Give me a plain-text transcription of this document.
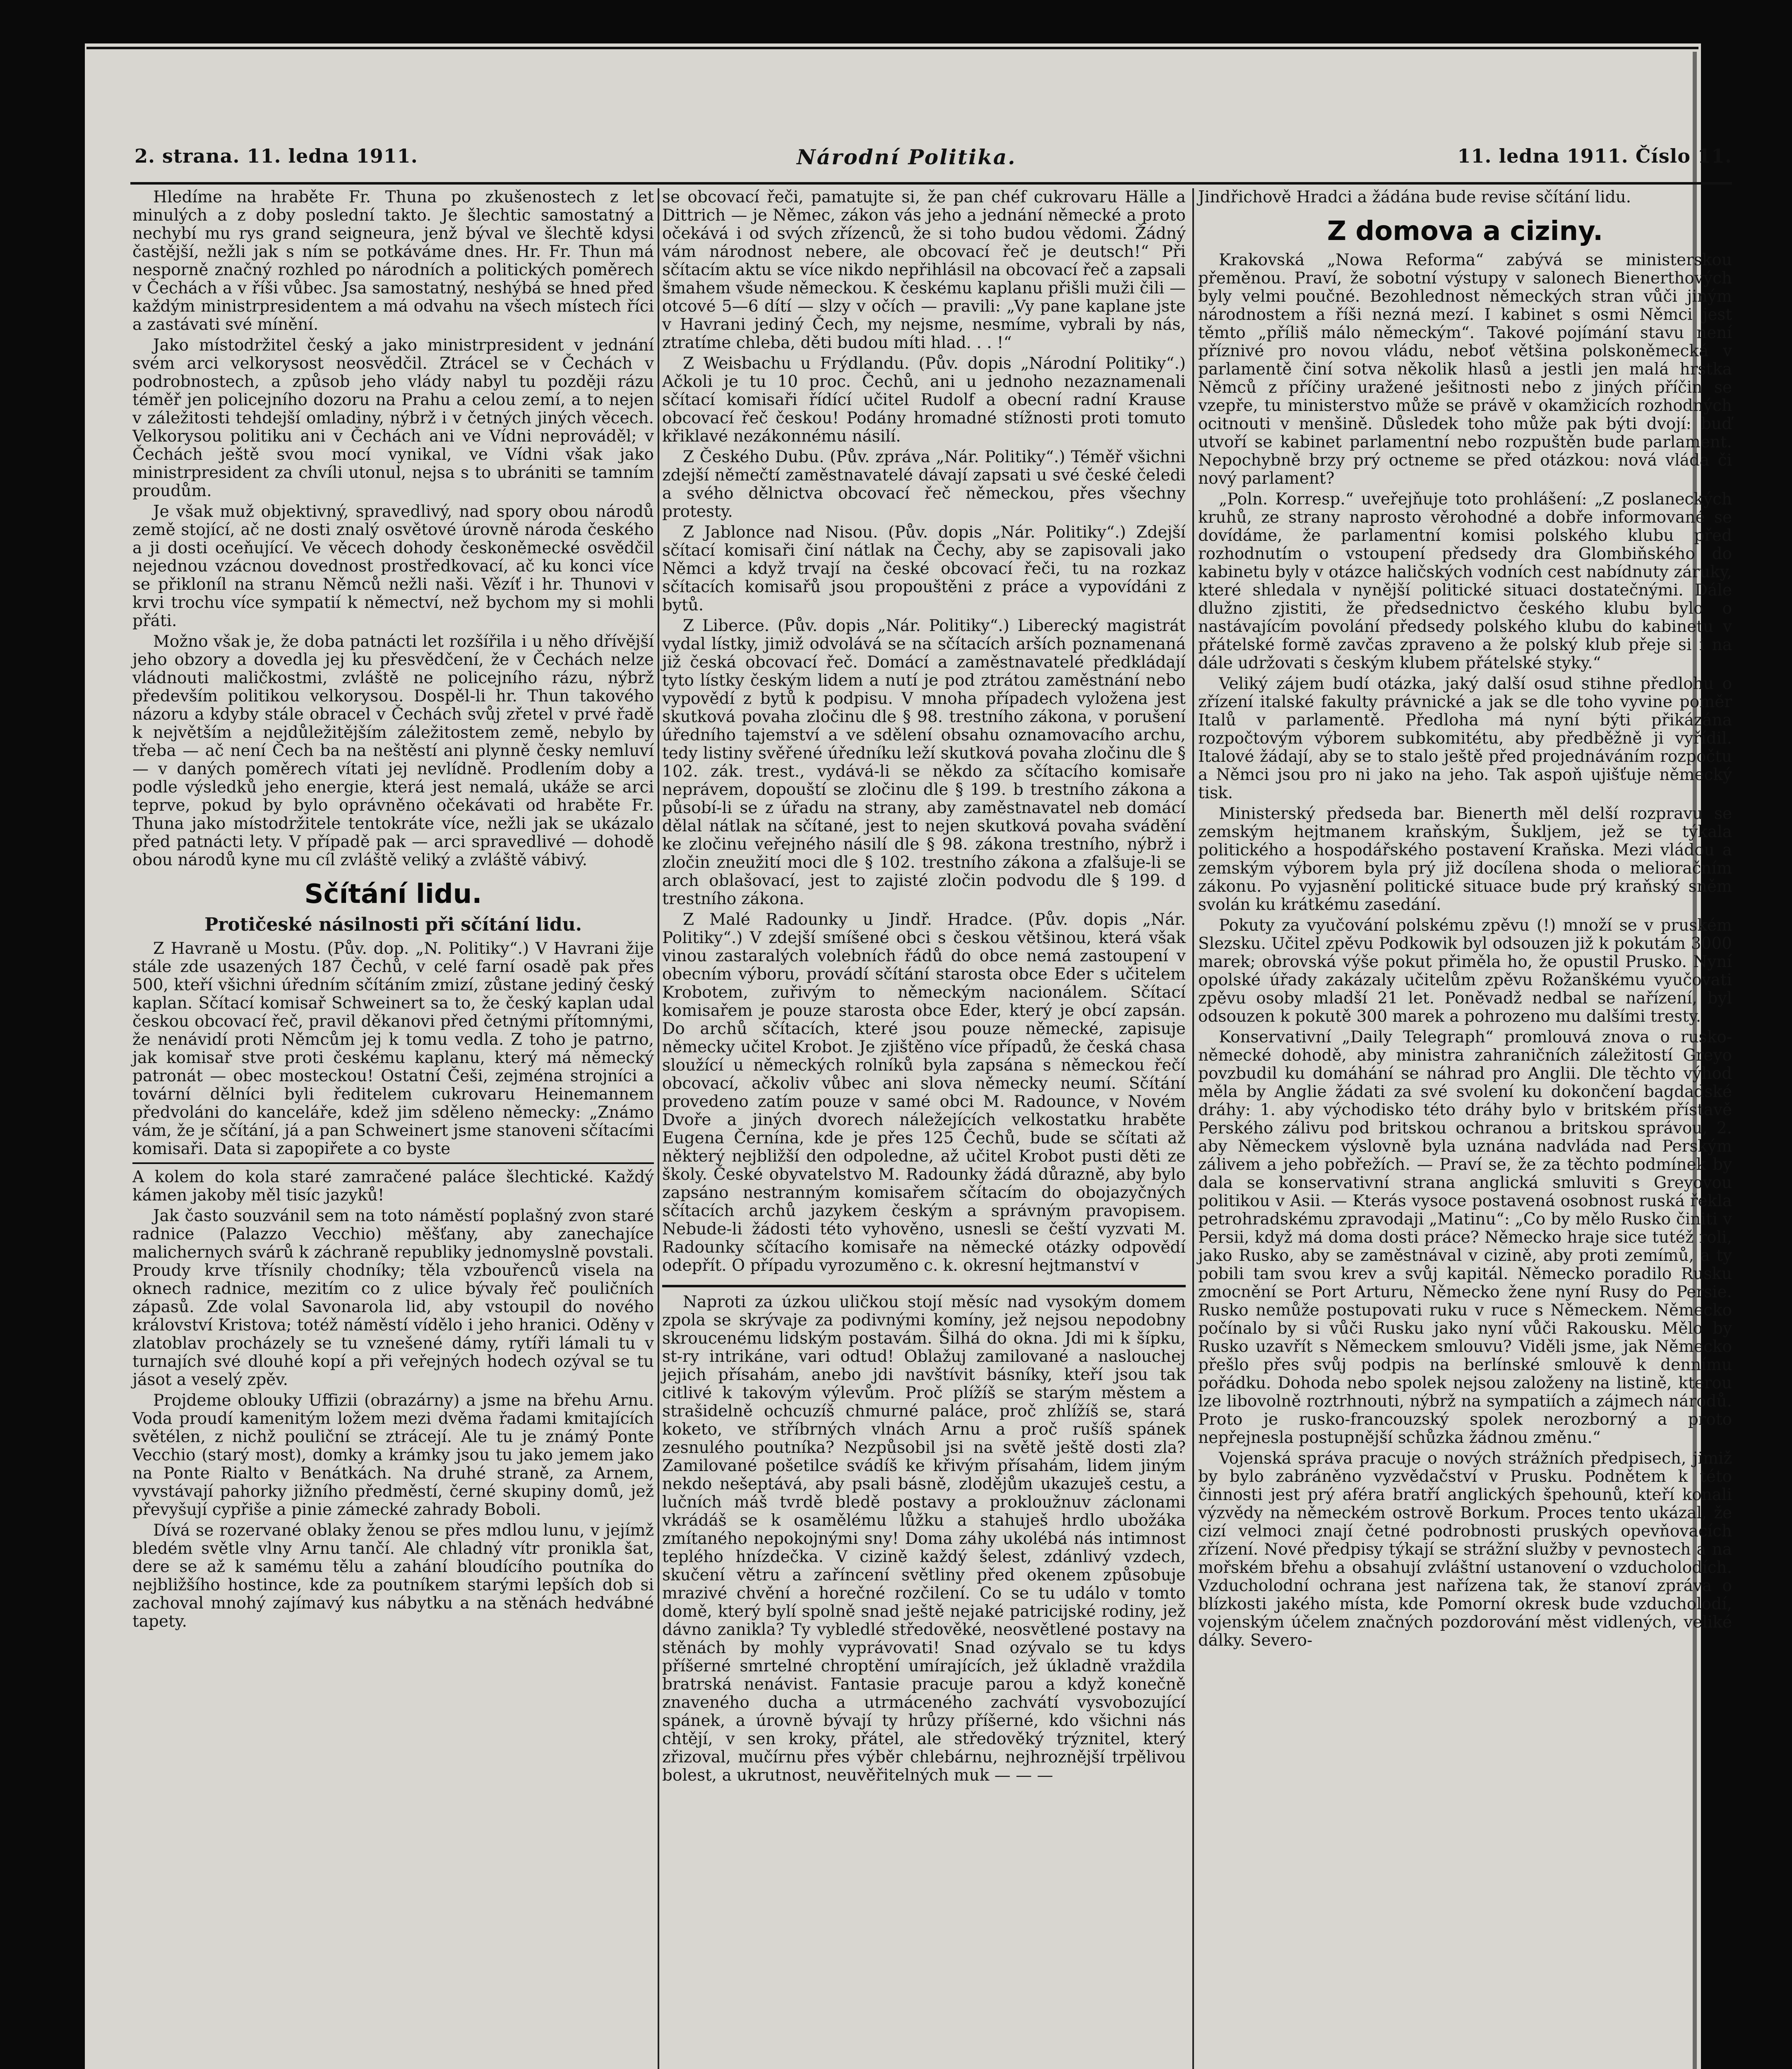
2. strana. 11. ledna 1911.	Národní Politika.	11. ledna 1911. Číslo 11.

Hledíme na hraběte Fr. Thuna po zkušenostech z let minulých a z doby poslední takto. Je šlechtic samostatný a nechybí mu rys grand seigneura, jenž býval ve šlechtě kdysi častější, nežli jak s ním se potkáváme dnes. Hr. Fr. Thun má nesporně značný rozhled po národních a politických poměrech v Čechách a v říši vůbec. Jsa samostatný, neshýbá se hned před každým ministrpresidentem a má odvahu na všech místech říci a zastávati své mínění.

Jako místodržitel český a jako ministrpresident v jednání svém arci velkorysost neosvědčil. Ztrácel se v Čechách v podrobnostech, a způsob jeho vlády nabyl tu později rázu téměř jen policejního dozoru na Prahu a celou zemí, a to nejen v záležitosti tehdejší omladiny, nýbrž i v četných jiných věcech. Velkorysou politiku ani v Čechách ani ve Vídni neprováděl; v Čechách ještě svou mocí vynikal, ve Vídni však jako ministrpresident za chvíli utonul, nejsa s to ubrániti se tamním proudům.

Je však muž objektivný, spravedlivý, nad spory obou národů země stojící, ač ne dosti znalý osvětové úrovně národa českého a ji dosti oceňující. Ve věcech dohody českoněmecké osvědčil nejednou vzácnou dovednost prostředkovací, ač ku konci více se přikloníl na stranu Němců nežli naši. Vězíť i hr. Thunovi v krvi trochu více sympatií k němectví, než bychom my si mohli přáti.

Možno však je, že doba patnácti let rozšířila i u něho dřívější jeho obzory a dovedla jej ku přesvědčení, že v Čechách nelze vládnouti maličkostmi, zvláště ne policejního rázu, nýbrž především politikou velkorysou. Dospěl-li hr. Thun takového názoru a kdyby stále obracel v Čechách svůj zřetel v prvé řadě k největším a nejdůležitějším záležitostem země, nebylo by třeba — ač není Čech ba na neštěstí ani plynně česky nemluví — v daných poměrech vítati jej nevlídně. Prodlením doby a podle výsledků jeho energie, která jest nemalá, ukáže se arci teprve, pokud by bylo oprávněno očekávati od hraběte Fr. Thuna jako místodržitele tentokráte více, nežli jak se ukázalo před patnácti lety. V případě pak — arci spravedlivé — dohodě obou národů kyne mu cíl zvláště veliký a zvláště vábivý.

Sčítání lidu.
Protičeské násilnosti při sčítání lidu.

Z Havraně u Mostu. (Pův. dop. „N. Politiky“.) V Havrani žije stále zde usazených 187 Čechů, v celé farní osadě pak přes 500, kteří všichni úředním sčítáním zmizí, zůstane jediný český kaplan. Sčítací komisař Schweinert sa to, že český kaplan udal českou obcovací řeč, pravil děkanovi před četnými přítomnými, že nenávidí proti Němcům jej k tomu vedla. Z toho je patrno, jak komisař stve proti českému kaplanu, který má německý patronát — obec mosteckou! Ostatní Češi, zejména strojníci a tovární dělníci byli ředitelem cukrovaru Heinemannem předvoláni do kanceláře, kdež jim sděleno německy: „Známo vám, že je sčítání, já a pan Schweinert jsme stanoveni sčítacími komisaři. Data si zapopiřete a co byste

A kolem do kola staré zamračené paláce šlechtické. Každý kámen jakoby měl tisíc jazyků!

Jak často souzvánil sem na toto náměstí poplašný zvon staré radnice (Palazzo Vecchio) měšťany, aby zanechajíce malichernych svárů k záchraně republiky jednomyslně povstali. Proudy krve třísnily chodníky; těla vzbouřenců visela na oknech radnice, mezitím co z ulice bývaly řeč pouličních zápasů. Zde volal Savonarola lid, aby vstoupil do nového království Kristova; totéž náměstí vídělo i jeho hranici. Oděny v zlatoblav procházely se tu vznešené dámy, rytíři lámali tu v turnajích své dlouhé kopí a při veřejných hodech ozýval se tu jásot a veselý zpěv.

Projdeme oblouky Uffizii (obrazárny) a jsme na břehu Arnu. Voda proudí kamenitým ložem mezi dvěma řadami kmitajících světélen, z nichž pouliční se ztrácejí. Ale tu je známý Ponte Vecchio (starý most), domky a krámky jsou tu jako jemem jako na Ponte Rialto v Benátkách. Na druhé straně, za Arnem, vyvstávají pahorky jižního předměstí, černé skupiny domů, jež převyšují cypřiše a pinie zámecké zahrady Boboli.

Dívá se rozervané oblaky ženou se přes mdlou lunu, v jejímž bledém světle vlny Arnu tančí. Ale chladný vítr pronikla šat, dere se až k samému tělu a zahání bloudícího poutníka do nejbližšího hostince, kde za poutníkem starými lepších dob si zachoval mnohý zajímavý kus nábytku a na stěnách hedvábné tapety.

se obcovací řeči, pamatujte si, že pan chéf cukrovaru Hälle a Dittrich — je Němec, zákon vás jeho a jednání německé a proto očekává i od svých zřízenců, že si toho budou vědomi. Žádný vám národnost nebere, ale obcovací řeč je deutsch!“ Při sčítacím aktu se více nikdo nepřihlásil na obcovací řeč a zapsali šmahem všude německou. K českému kaplanu přišli muži čili — otcové 5—6 dítí — slzy v očích — pravili: „Vy pane kaplane jste v Havrani jediný Čech, my nejsme, nesmíme, vybrali by nás, ztratíme chleba, děti budou míti hlad. . . !“

Z Weisbachu u Frýdlandu. (Pův. dopis „Národní Politiky“.) Ačkoli je tu 10 proc. Čechů, ani u jednoho nezaznamenali sčítací komisaři řídící učitel Rudolf a obecní radní Krause obcovací řeč českou! Podány hromadné stížnosti proti tomuto křiklavé nezákonnému násilí.

Z Českého Dubu. (Pův. zpráva „Nár. Politiky“.) Téměř všichni zdejší němečtí zaměstnavatelé dávají zapsati u své české čeledi a svého dělnictva obcovací řeč německou, přes všechny protesty.

Z Jablonce nad Nisou. (Pův. dopis „Nár. Politiky“.) Zdejší sčítací komisaři činí nátlak na Čechy, aby se zapisovali jako Němci a když trvají na české obcovací řeči, tu na rozkaz sčítacích komisařů jsou propouštěni z práce a vypovídáni z bytů.

Z Liberce. (Pův. dopis „Nár. Politiky“.) Liberecký magistrát vydal lístky, jimiž odvolává se na sčítacích arších poznamenaná již česká obcovací řeč. Domácí a zaměstnavatelé předkládají tyto lístky českým lidem a nutí je pod ztrátou zaměstnání nebo vypovědí z bytů k podpisu. V mnoha případech vyložena jest skutková povaha zločinu dle § 98. trestního zákona, v porušení úředního tajemství a ve sdělení obsahu oznamovacího archu, tedy listiny svěřené úředníku leží skutková povaha zločinu dle § 102. zák. trest., vydává-li se někdo za sčítacího komisaře neprávem, dopouští se zločinu dle § 199. b trestního zákona a působí-li se z úřadu na strany, aby zaměstnavatel neb domácí dělal nátlak na sčítané, jest to nejen skutková povaha svádění ke zločinu veřejného násilí dle § 98. zákona trestního, nýbrž i zločin zneužití moci dle § 102. trestního zákona a zfalšuje-li se arch oblašovací, jest to zajisté zločin podvodu dle § 199. d trestního zákona.

Z Malé Radounky u Jindř. Hradce. (Pův. dopis „Nár. Politiky“.) V zdejší smíšené obci s českou většinou, která však vinou zastaralých volebních řádů do obce nemá zastoupení v obecním výboru, provádí sčítání starosta obce Eder s učitelem Krobotem, zuřivým to německým nacionálem. Sčítací komisařem je pouze starosta obce Eder, který je obcí zapsán. Do archů sčítacích, které jsou pouze německé, zapisuje německy učitel Krobot. Je zjištěno více případů, že česká chasa sloužící u německých rolníků byla zapsána s německou řečí obcovací, ačkoliv vůbec ani slova německy neumí. Sčítání provedeno zatím pouze v samé obci M. Radounce, v Novém Dvoře a jiných dvorech náležejících velkostatku hraběte Eugena Černína, kde je přes 125 Čechů, bude se sčítati až některý nejbližší den odpoledne, až učitel Krobot pusti děti ze školy. České obyvatelstvo M. Radounky žádá důrazně, aby bylo zapsáno nestranným komisařem sčítacím do obojazyčných sčítacích archů jazykem českým a správným pravopisem. Nebude-li žádosti této vyhověno, usnesli se čeští vyzvati M. Radounky sčítacího komisaře na německé otázky odpovědí odepřít. O případu vyrozuměno c. k. okresní hejtmanství v

Naproti za úzkou uličkou stojí měsíc nad vysokým domem zpola se skrývaje za podivnými komíny, jež nejsou nepodobny skroucenému lidským postavám. Šilhá do okna. Jdi mi k šípku, st-ry intrikáne, vari odtud! Oblažuj zamilované a naslouchej jejich přísahám, anebo jdi navštívit básníky, kteří jsou tak citlivé k takovým výlevům. Proč plížíš se starým městem a strašidelně ochcuzíš chmurné paláce, proč zhlížíš se, stará koketo, ve stříbrných vlnách Arnu a proč rušíš spánek zesnulého poutníka? Nezpůsobil jsi na světě ještě dosti zla? Zamilované pošetilce svádíš ke křivým přísahám, lidem jiným nekdo nešeptává, aby psali básně, zlodějům ukazuješ cestu, a lučních máš tvrdě bledě postavy a prokloužnuv záclonami vkrádáš se k osamělému lůžku a stahuješ hrdlo ubožáka zmítaného nepokojnými sny! Doma záhy ukolébá nás intimnost teplého hnízdečka. V cizině každý šelest, zdánlivý vzdech, skučení větru a zaříncení světliny před okenem způsobuje mrazivé chvění a horečné rozčilení. Co se tu událo v tomto domě, který bylí spolně snad ještě nejaké patricijské rodiny, jež dávno zanikla? Ty vybledlé středověké, neosvětlené postavy na stěnách by mohly vyprávovati! Snad ozývalo se tu kdys příšerné smrtelné chroptění umírajících, jež úkladně vraždila bratrská nenávist. Fantasie pracuje parou a když konečně znaveného ducha a utrmáceného zachvátí vysvobozující spánek, a úrovně bývají ty hrůzy příšerné, kdo všichni nás chtějí, v sen kroky, přátel, ale středověký trýznitel, který zřizoval, mučírnu přes výběr chlebárnu, nejhroznější trpělivou bolest, a ukrutnost, neuvěřitelných muk — — —

Jindřichově Hradci a žádána bude revise sčítání lidu.

Z domova a ciziny.

Krakovská „Nowa Reforma“ zabývá se ministerskou přeměnou. Praví, že sobotní výstupy v salonech Bienerthových byly velmi poučné. Bezohlednost německých stran vůči jiným národnostem a říši nezná mezí. I kabinet s osmi Němci jest těmto „příliš málo německým“. Takové pojímání stavu není příznivé pro novou vládu, neboť většina polskoněmecká v parlamentě činí sotva několik hlasů a jestli jen malá hrstka Němců z příčiny uražené ješitnosti nebo z jiných příčin se vzepře, tu ministerstvo může se právě v okamžicích rozhodných ocitnouti v menšině. Důsledek toho může pak býti dvojí: buď utvoří se kabinet parlamentní nebo rozpuštěn bude parlament. Nepochybně brzy prý octneme se před otázkou: nová vláda či nový parlament?

„Poln. Korresp.“ uveřejňuje toto prohlášení: „Z poslaneckých kruhů, ze strany naprosto věrohodné a dobře informované se dovídáme, že parlamentní komisi polského klubu před rozhodnutím o vstoupení předsedy dra Glombiňského do kabinetu byly v otázce haličských vodních cest nabídnuty záruky, které shledala v nynější politické situaci dostatečnými. Dále dlužno zjistiti, že předsednictvo českého klubu bylo o nastávajícím povolání předsedy polského klubu do kabinetu v přátelské formě zavčas zpraveno a že polský klub přeje si i na dále udržovati s českým klubem přátelské styky.“

Veliký zájem budí otázka, jaký další osud stihne předlohu o zřízení italské fakulty právnické a jak se dle toho vyvine poměr Italů v parlamentě. Předloha má nyní býti přikázána rozpočtovým výborem subkomitétu, aby předběžně ji vyřídil. Italové žádají, aby se to stalo ještě před projednáváním rozpočtu a Němci jsou pro ni jako na jeho. Tak aspoň ujišťuje německý tisk.

Ministerský předseda bar. Bienerth měl delší rozpravu se zemským hejtmanem kraňským, Šukljem, jež se týkala politického a hospodářského postavení Kraňska. Mezi vládou a zemským výborem byla prý již docílena shoda o melioračním zákonu. Po vyjasnění politické situace bude prý kraňský sněm svolán ku krátkému zasedání.

Pokuty za vyučování polskému zpěvu (!) množí se v pruském Slezsku. Učitel zpěvu Podkowik byl odsouzen již k pokutám 3000 marek; obrovská výše pokut přiměla ho, že opustil Prusko. Nyní opolské úřady zakázaly učitelům zpěvu Rožanškému vyučovati zpěvu osoby mladší 21 let. Poněvadž nedbal se nařízení, byl odsouzen k pokutě 300 marek a pohrozeno mu dalšími tresty.

Konservativní „Daily Telegraph“ promlouvá znova o rusko-německé dohodě, aby ministra zahraničních záležitostí Greyo povzbudil ku domáhání se náhrad pro Anglii. Dle těchto výhod měla by Anglie žádati za své svolení ku dokončení bagdadské dráhy: 1. aby východisko této dráhy bylo v britském přístavě Perského zálivu pod britskou ochranou a britskou správou, 2. aby Německem výslovně byla uznána nadvláda nad Perským zálivem a jeho pobřežích. — Praví se, že za těchto podmínek by dala se konservativní strana anglická smluviti s Greyovou politikou v Asii. — Kterás vysoce postavená osobnost ruská řekla petrohradskému zpravodaji „Matinu“: „Co by mělo Rusko činiti v Persii, když má doma dosti práce? Německo hraje sice tutéž roli, jako Rusko, aby se zaměstnával v cizině, aby proti zemímů, a ty pobili tam svou krev a svůj kapitál. Německo poradilo Rusku zmocnění se Port Arturu, Německo žene nyní Rusy do Persie. Rusko nemůže postupovati ruku v ruce s Německem. Německo počínalo by si vůči Rusku jako nyní vůči Rakousku. Mělo by Rusko uzavřít s Německem smlouvu? Viděli jsme, jak Německo přešlo přes svůj podpis na berlínské smlouvě k dennímu pořádku. Dohoda nebo spolek nejsou založeny na listině, kterou lze libovolně roztrhnouti, nýbrž na sympatiích a zájmech národů. Proto je rusko-francouzský spolek nerozborný a proto nepřejnesla postupnější schůzka žádnou změnu.“

Vojenská správa pracuje o nových strážních předpisech, jimiž by bylo zabráněno vyzvědačství v Prusku. Podnětem k této činnosti jest prý aféra bratří anglických špehounů, kteří konali výzvědy na německém ostrově Borkum. Proces tento ukázal, že cizí velmoci znají četné podrobnosti pruských opevňovacích zřízení. Nové předpisy týkají se strážní služby v pevnostech a na mořském břehu a obsahují zvláštní ustanovení o vzducholodích. Vzducholodní ochrana jest nařízena tak, že stanoví zpráva o blízkosti jakého místa, kde Pomorní okresk bude vzducholodí, vojenským účelem značných pozdorování měst vidlených, veliké dálky. Severo-
